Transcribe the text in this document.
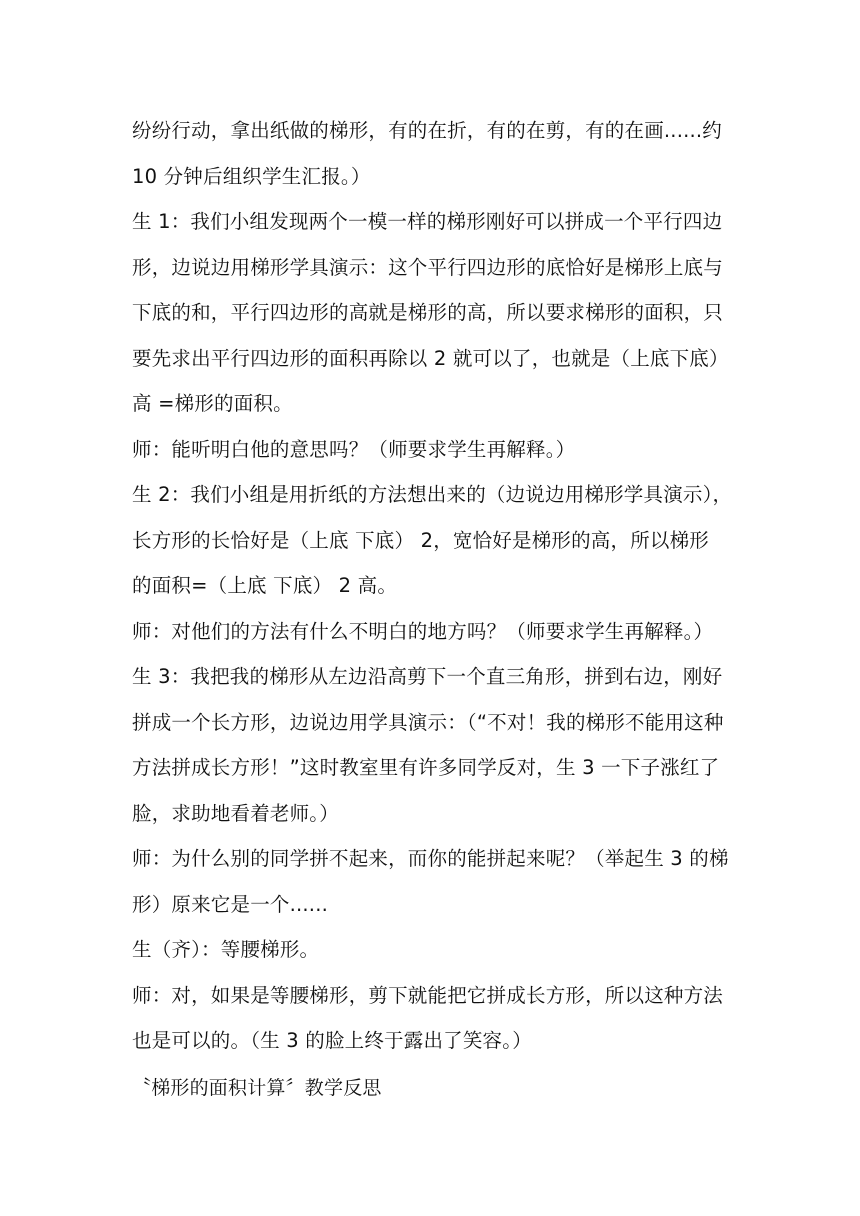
纷纷行动，拿出纸做的梯形，有的在折，有的在剪，有的在画......约
10 分钟后组织学生汇报。）
生 1：我们小组发现两个一模一样的梯形刚好可以拼成一个平行四边
形，边说边用梯形学具演示：这个平行四边形的底恰好是梯形上底与
下底的和，平行四边形的高就是梯形的高，所以要求梯形的面积，只
要先求出平行四边形的面积再除以 2 就可以了，也就是（上底下底）
高 =梯形的面积。
师：能听明白他的意思吗？（师要求学生再解释。）
生 2：我们小组是用折纸的方法想出来的（边说边用梯形学具演示），
长方形的长恰好是（上底 下底） 2，宽恰好是梯形的高，所以梯形
的面积=（上底 下底） 2 高。
师：对他们的方法有什么不明白的地方吗？（师要求学生再解释。）
生 3：我把我的梯形从左边沿高剪下一个直三角形，拼到右边，刚好
拼成一个长方形，边说边用学具演示：（“不对！我的梯形不能用这种
方法拼成长方形！”这时教室里有许多同学反对，生 3 一下子涨红了
脸，求助地看着老师。）
师：为什么别的同学拼不起来，而你的能拼起来呢？（举起生 3 的梯
形）原来它是一个......
生（齐）：等腰梯形。
师：对，如果是等腰梯形，剪下就能把它拼成长方形，所以这种方法
也是可以的。（生 3 的脸上终于露出了笑容。）
〝梯形的面积计算〞教学反思
